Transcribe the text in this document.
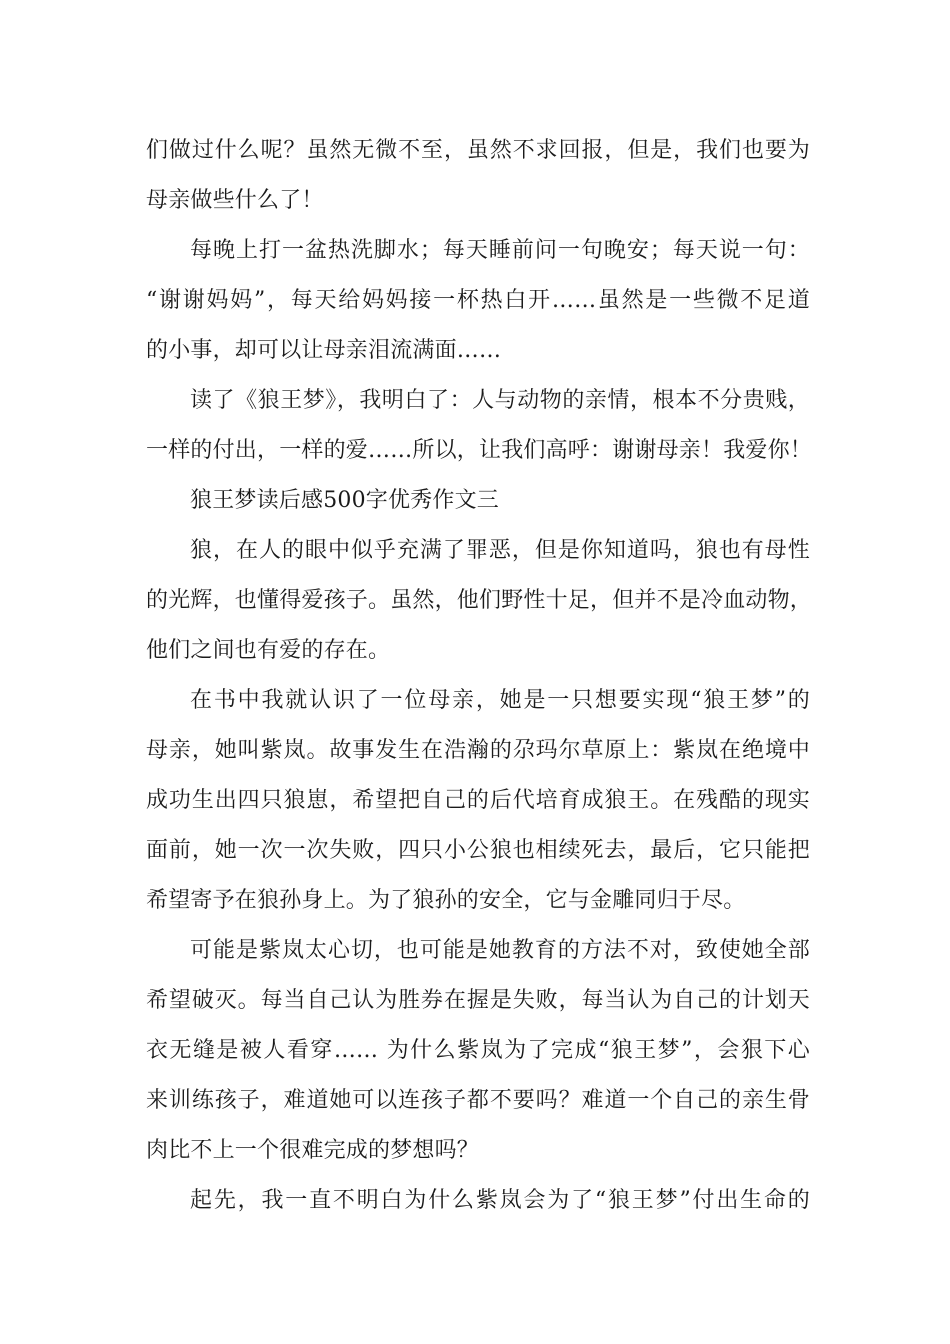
们做过什么呢？虽然无微不至，虽然不求回报，但是，我们也要为
母亲做些什么了！
每晚上打一盆热洗脚水；每天睡前问一句晚安；每天说一句：
“谢谢妈妈”，每天给妈妈接一杯热白开……虽然是一些微不足道
的小事，却可以让母亲泪流满面……
读了《狼王梦》，我明白了：人与动物的亲情，根本不分贵贱，
一样的付出，一样的爱……所以，让我们高呼：谢谢母亲！我爱你！
狼王梦读后感500字优秀作文三
狼，在人的眼中似乎充满了罪恶，但是你知道吗，狼也有母性
的光辉，也懂得爱孩子。虽然，他们野性十足，但并不是冷血动物，
他们之间也有爱的存在。
在书中我就认识了一位母亲，她是一只想要实现“狼王梦”的
母亲，她叫紫岚。故事发生在浩瀚的尕玛尔草原上：紫岚在绝境中
成功生出四只狼崽，希望把自己的后代培育成狼王。在残酷的现实
面前，她一次一次失败，四只小公狼也相续死去，最后，它只能把
希望寄予在狼孙身上。为了狼孙的安全，它与金雕同归于尽。
可能是紫岚太心切，也可能是她教育的方法不对，致使她全部
希望破灭。每当自己认为胜券在握是失败，每当认为自己的计划天
衣无缝是被人看穿…… 为什么紫岚为了完成“狼王梦”，会狠下心
来训练孩子，难道她可以连孩子都不要吗？难道一个自己的亲生骨
肉比不上一个很难完成的梦想吗？
起先，我一直不明白为什么紫岚会为了“狼王梦”付出生命的
